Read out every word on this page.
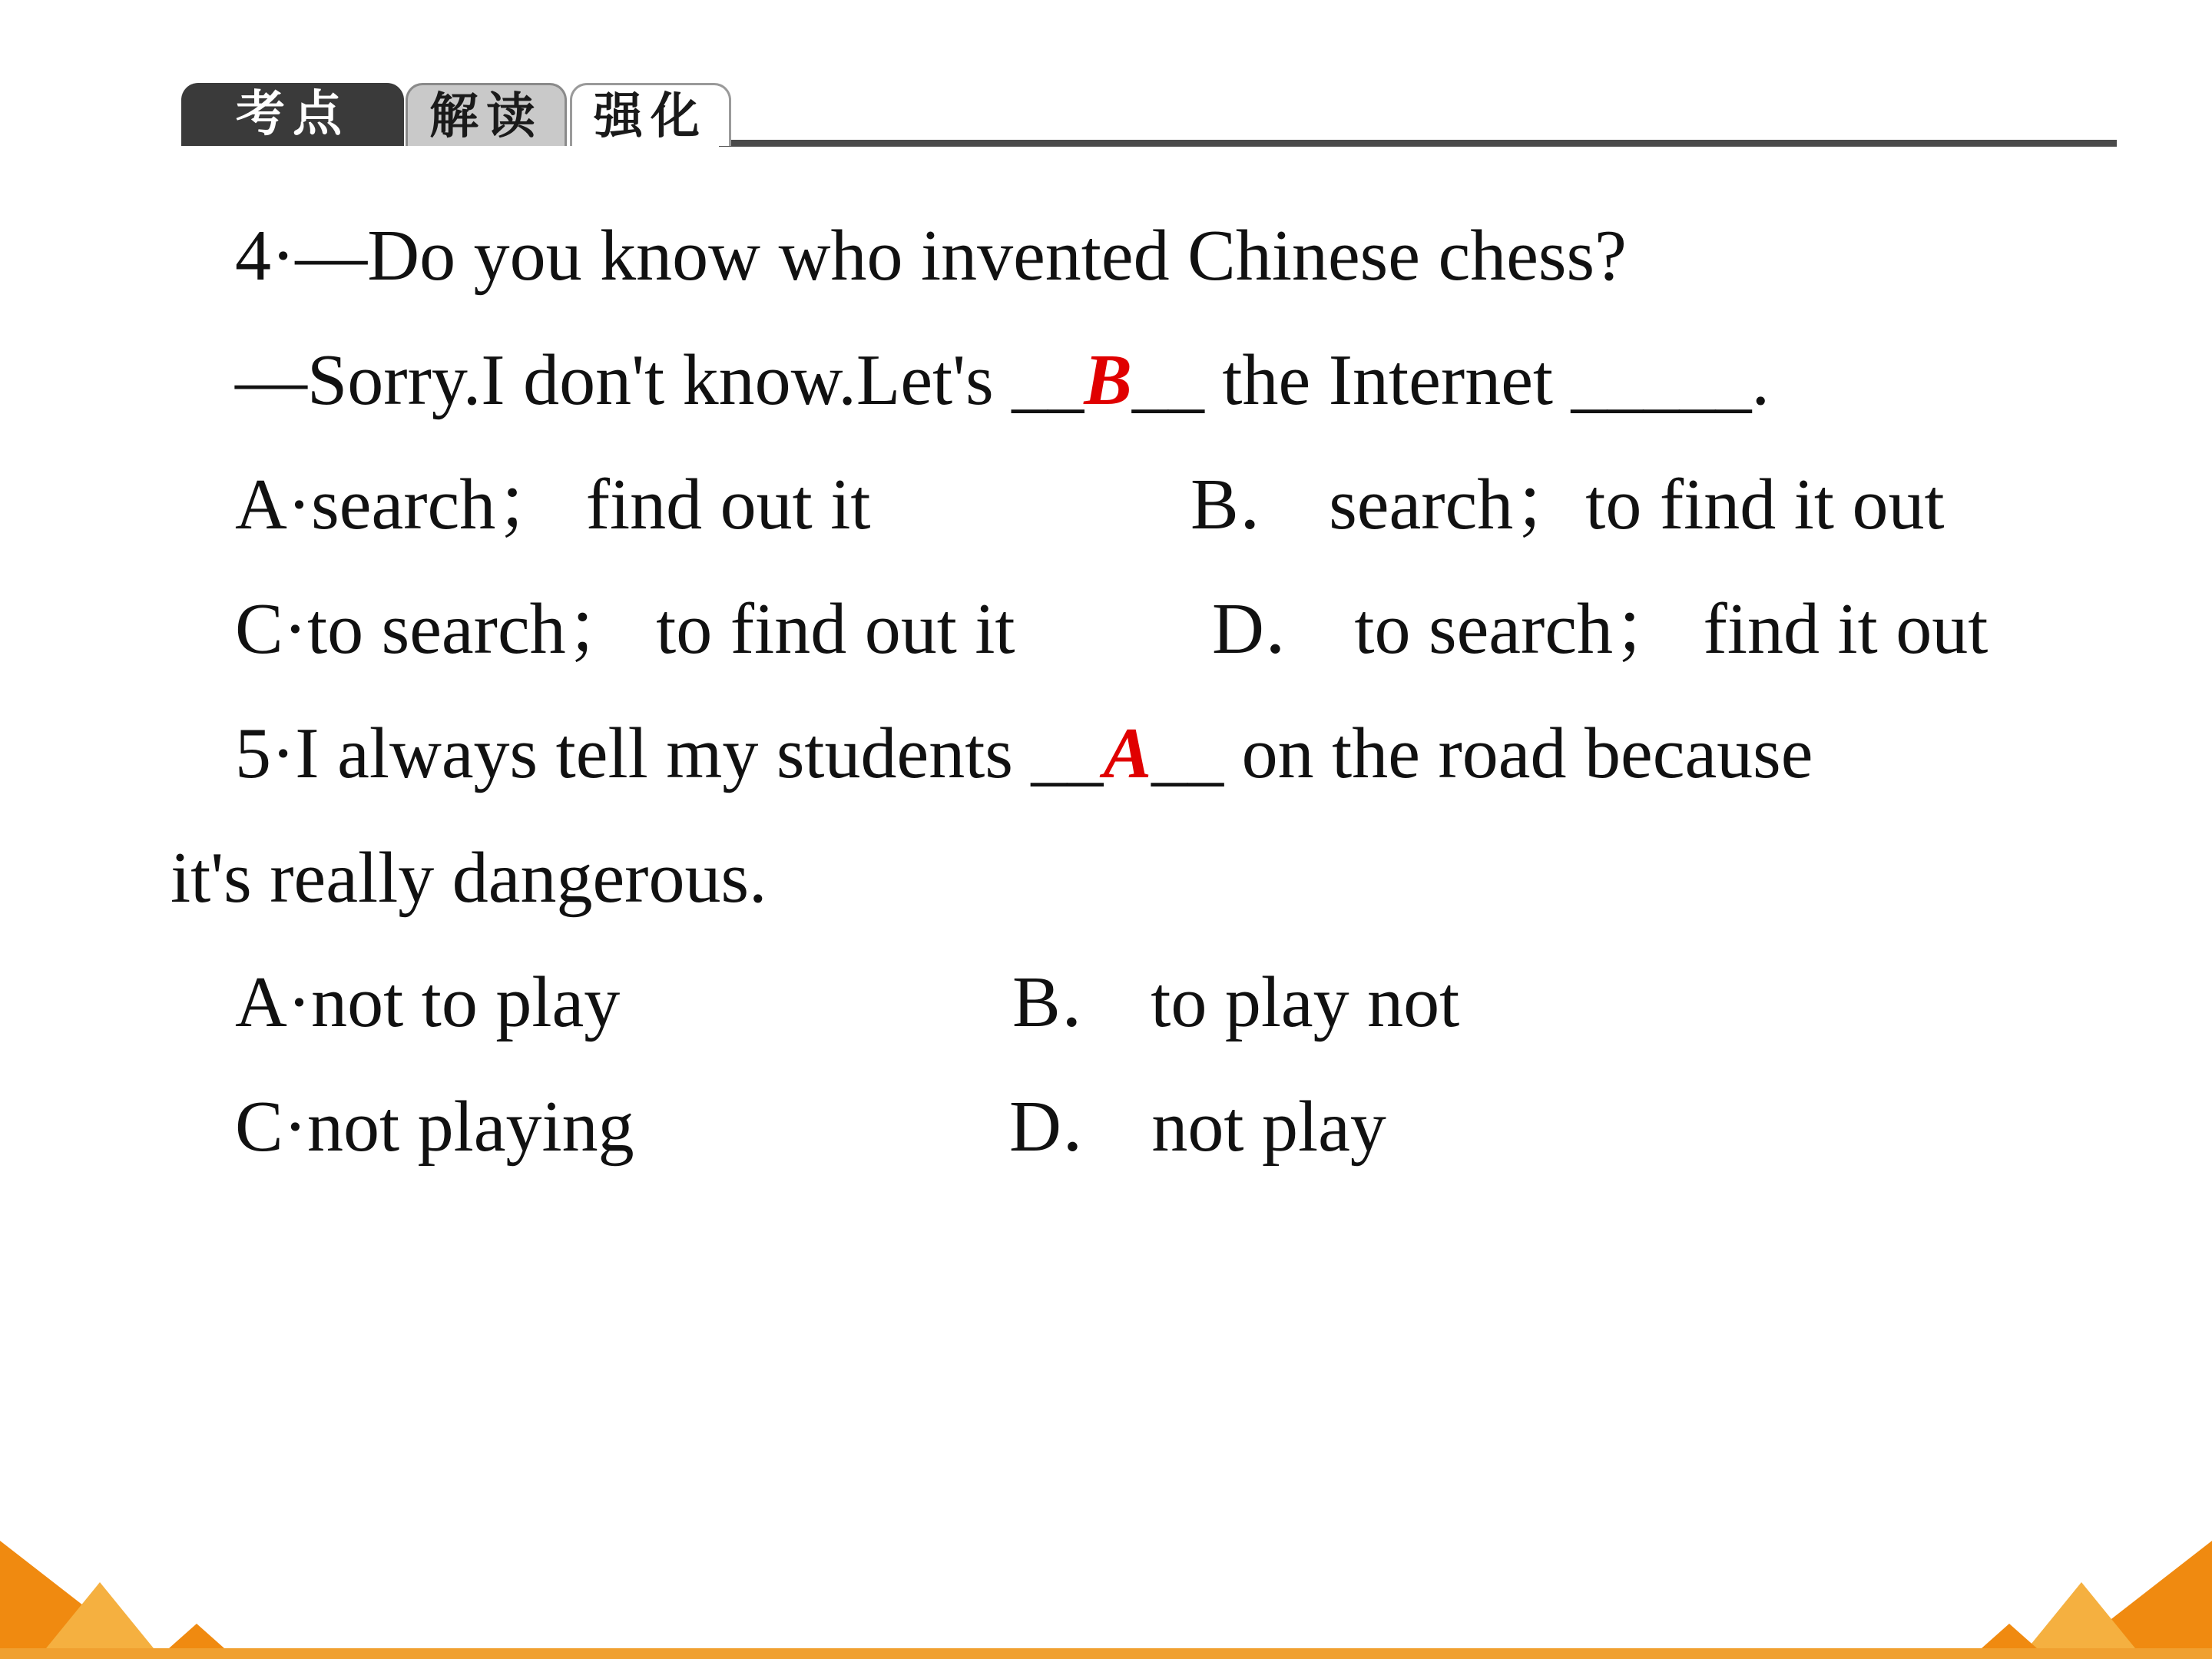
考点	解读	强化
4·—Do you know who invented Chinese chess?
—Sorry.I don't know.Let's __B__ the Internet _____.
A·search； find out it	B． search；to find it out
C·to search； to find out it	D． to search； find it out
5·I always tell my students __A__ on the road because
it's really dangerous.
A·not to play	B． to play not
C·not playing	D． not play
